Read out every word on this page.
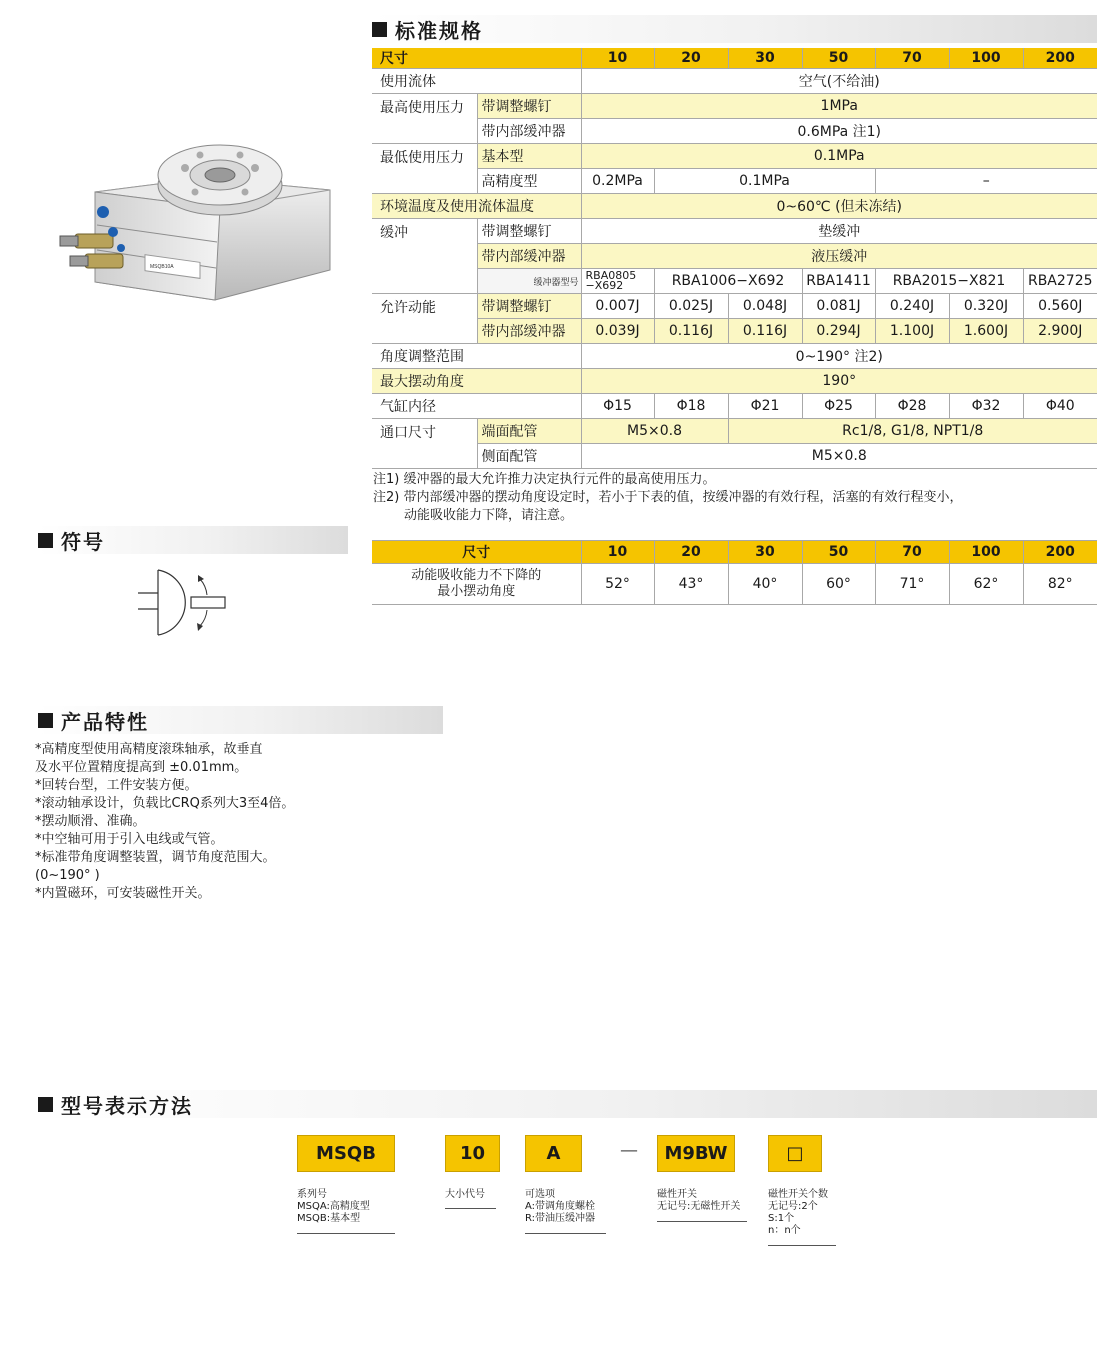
MSQB10A
标准规格
尺寸		10	20	30	50	70	100	200
使用流体		空气(不给油)						
最高使用压力	带调整螺钉	1MPa						
	带内部缓冲器	0.6MPa 注1)						
最低使用压力	基本型	0.1MPa						
	高精度型	0.2MPa	0.1MPa			–		
环境温度及使用流体温度		0~60℃ (但未冻结)						
缓冲	带调整螺钉	垫缓冲						
	带内部缓冲器	液压缓冲						
	缓冲器型号	RBA0805 −X692	RBA1006−X692		RBA1411	RBA2015−X821		RBA2725
允许动能	带调整螺钉	0.007J	0.025J	0.048J	0.081J	0.240J	0.320J	0.560J
	带内部缓冲器	0.039J	0.116J	0.116J	0.294J	1.100J	1.600J	2.900J
角度调整范围		0~190° 注2)						
最大摆动角度		190°						
气缸内径		Φ15	Φ18	Φ21	Φ25	Φ28	Φ32	Φ40
通口尺寸	端面配管	M5×0.8		Rc1/8, G1/8, NPT1/8				
	侧面配管	M5×0.8						
注1) 缓冲器的最大允许推力决定执行元件的最高使用压力。
注2) 带内部缓冲器的摆动角度设定时，若小于下表的值，按缓冲器的有效行程，活塞的有效行程变小，
动能吸收能力下降，请注意。
尺寸	10	20	30	50	70	100	200

动能吸收能力不下降的
最小摆动角度	52°	43°	40°	60°	71°	62°	82°
符号
产品特性
*高精度型使用高精度滚珠轴承，故垂直
及水平位置精度提高到 ±0.01mm。
*回转台型，工件安装方便。
*滚动轴承设计，负载比CRQ系列大3至4倍。
*摆动顺滑、准确。
*中空轴可用于引入电线或气管。
*标准带角度调整装置，调节角度范围大。
(0~190° )
*内置磁环，可安装磁性开关。
型号表示方法
MSQB	10	A	—	M9BW	□
系列号
MSQA:高精度型
MSQB:基本型
大小代号	可选项
A:带调角度螺栓
R:带油压缓冲器
磁性开关
无记号:无磁性开关
磁性开关个数
无记号:2个
S:1个
n：n个
